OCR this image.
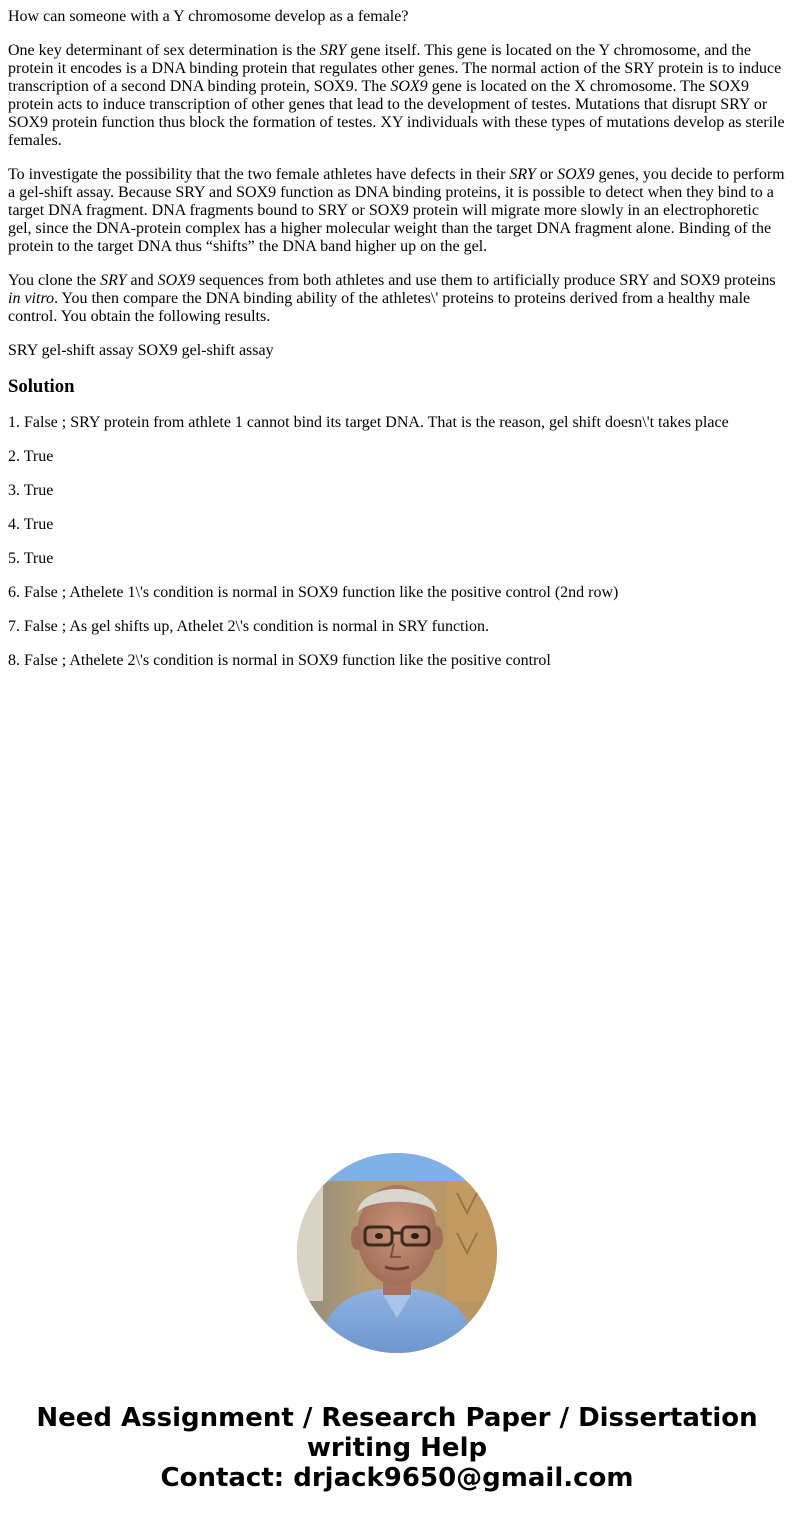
How can someone with a Y chromosome develop as a female?

One key determinant of sex determination is the SRY gene itself. This gene is located on the Y chromosome, and the protein it encodes is a DNA binding protein that regulates other genes. The normal action of the SRY protein is to induce transcription of a second DNA binding protein, SOX9. The SOX9 gene is located on the X chromosome. The SOX9 protein acts to induce transcription of other genes that lead to the development of testes. Mutations that disrupt SRY or SOX9 protein function thus block the formation of testes. XY individuals with these types of mutations develop as sterile females.

To investigate the possibility that the two female athletes have defects in their SRY or SOX9 genes, you decide to perform a gel-shift assay. Because SRY and SOX9 function as DNA binding proteins, it is possible to detect when they bind to a target DNA fragment. DNA fragments bound to SRY or SOX9 protein will migrate more slowly in an electrophoretic gel, since the DNA-protein complex has a higher molecular weight than the target DNA fragment alone. Binding of the protein to the target DNA thus “shifts” the DNA band higher up on the gel.

You clone the SRY and SOX9 sequences from both athletes and use them to artificially produce SRY and SOX9 proteins in vitro. You then compare the DNA binding ability of the athletes\' proteins to proteins derived from a healthy male control. You obtain the following results.

SRY gel-shift assay SOX9 gel-shift assay

Solution

1. False ; SRY protein from athlete 1 cannot bind its target DNA. That is the reason, gel shift doesn\'t takes place

2. True

3. True

4. True

5. True

6. False ; Athelete 1\'s condition is normal in SOX9 function like the positive control (2nd row)

7. False ; As gel shifts up, Athelet 2\'s condition is normal in SRY function.

8. False ; Athelete 2\'s condition is normal in SOX9 function like the positive control

Need Assignment / Research Paper / Dissertation
writing Help
Contact: drjack9650@gmail.com
